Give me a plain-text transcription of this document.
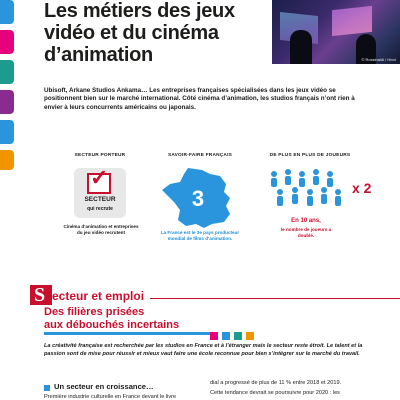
Les métiers des jeux vidéo et du cinéma d’animation	© Rossinaldi / Hivvi
Ubisoft, Arkane Studios Ankama… Les entreprises françaises spécialisées dans les jeux vidéo se positionnent bien sur le marché international. Côté cinéma d’animation, les studios français n’ont rien à envier à leurs concurrents américains ou japonais.
SECTEUR PORTEUR
✓
SECTEUR
qui recrute
Cinéma d’animation et entreprises du jeu vidéo recrutent
SAVOIR-FAIRE FRANÇAIS
3
La France est le 3e pays producteur mondial de films d’animation.
DE PLUS EN PLUS DE JOUEURS
x 2
En 10 ans,
le nombre de joueurs a doublé.
S ecteur et emploi
Des filières prisées
aux débouchés incertains
La créativité française est recherchée par les studios en France et à l’étranger mais le secteur reste étroit. Le talent et la passion sont de mise pour réussir et mieux vaut faire une école reconnue pour bien s’intégrer sur le marché du travail.
Un secteur en croissance…
Première industrie culturelle en France devant le livre
dial a progressé de plus de 11 % entre 2018 et 2019.
Cette tendance devrait se poursuivre pour 2020 : les
